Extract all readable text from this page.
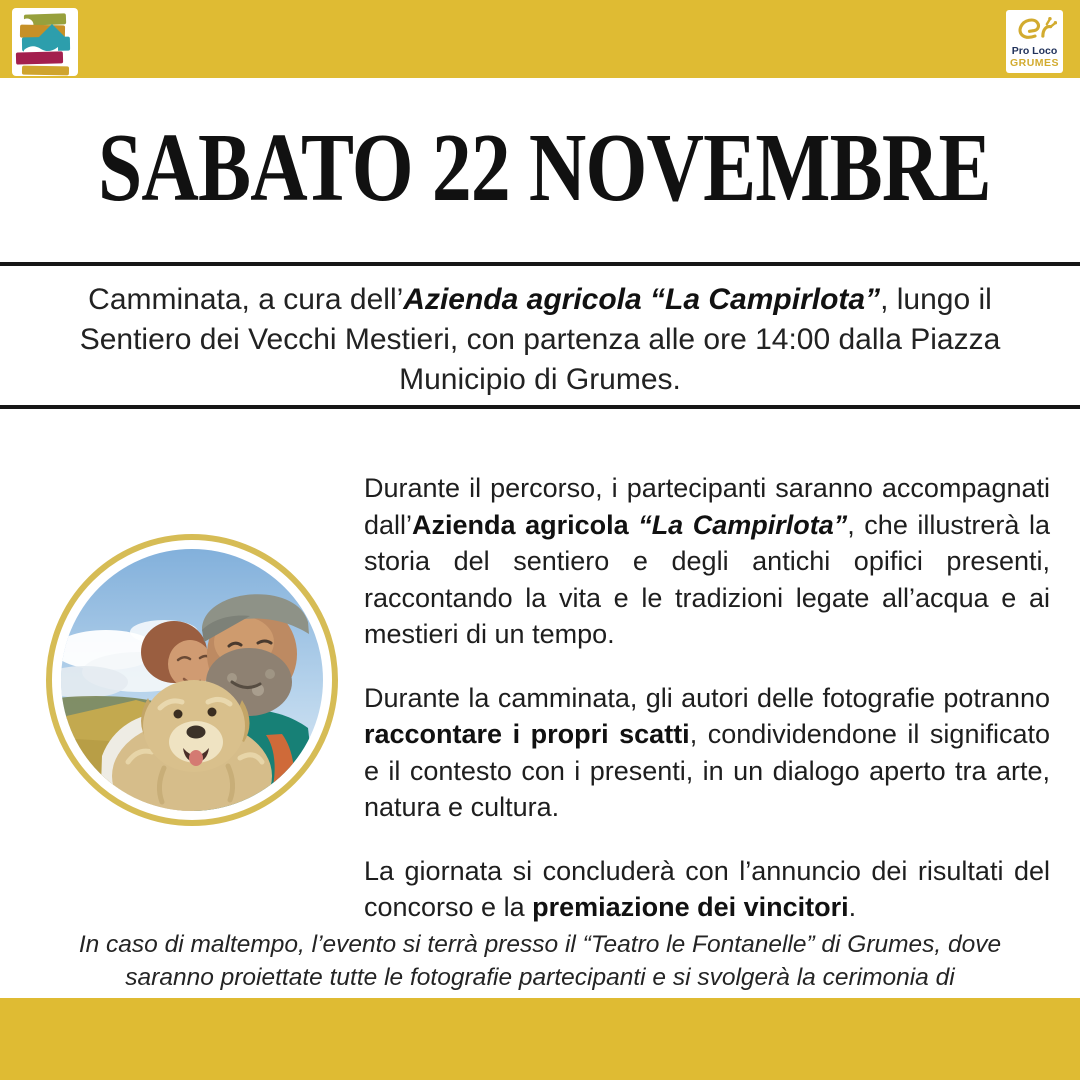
Pro Loco
GRUMES
SABATO 22 NOVEMBRE
Camminata, a cura dell’Azienda agricola “La Campirlota”, lungo il Sentiero dei Vecchi Mestieri, con partenza alle ore 14:00 dalla Piazza Municipio di Grumes.

Durante il percorso, i partecipanti saranno accompagnati dall’Azienda agricola “La Campirlota”, che illustrerà la storia del sentiero e degli antichi opifici presenti, raccontando la vita e le tradizioni legate all’acqua e ai mestieri di un tempo.

Durante la camminata, gli autori delle fotografie potranno raccontare i propri scatti, condividendone il significato e il contesto con i presenti, in un dialogo aperto tra arte, natura e cultura.

La giornata si concluderà con l’annuncio dei risultati del concorso e la premiazione dei vincitori.

In caso di maltempo, l’evento si terrà presso il “Teatro le Fontanelle” di Grumes, dove saranno proiettate tutte le fotografie partecipanti e si svolgerà la cerimonia di
